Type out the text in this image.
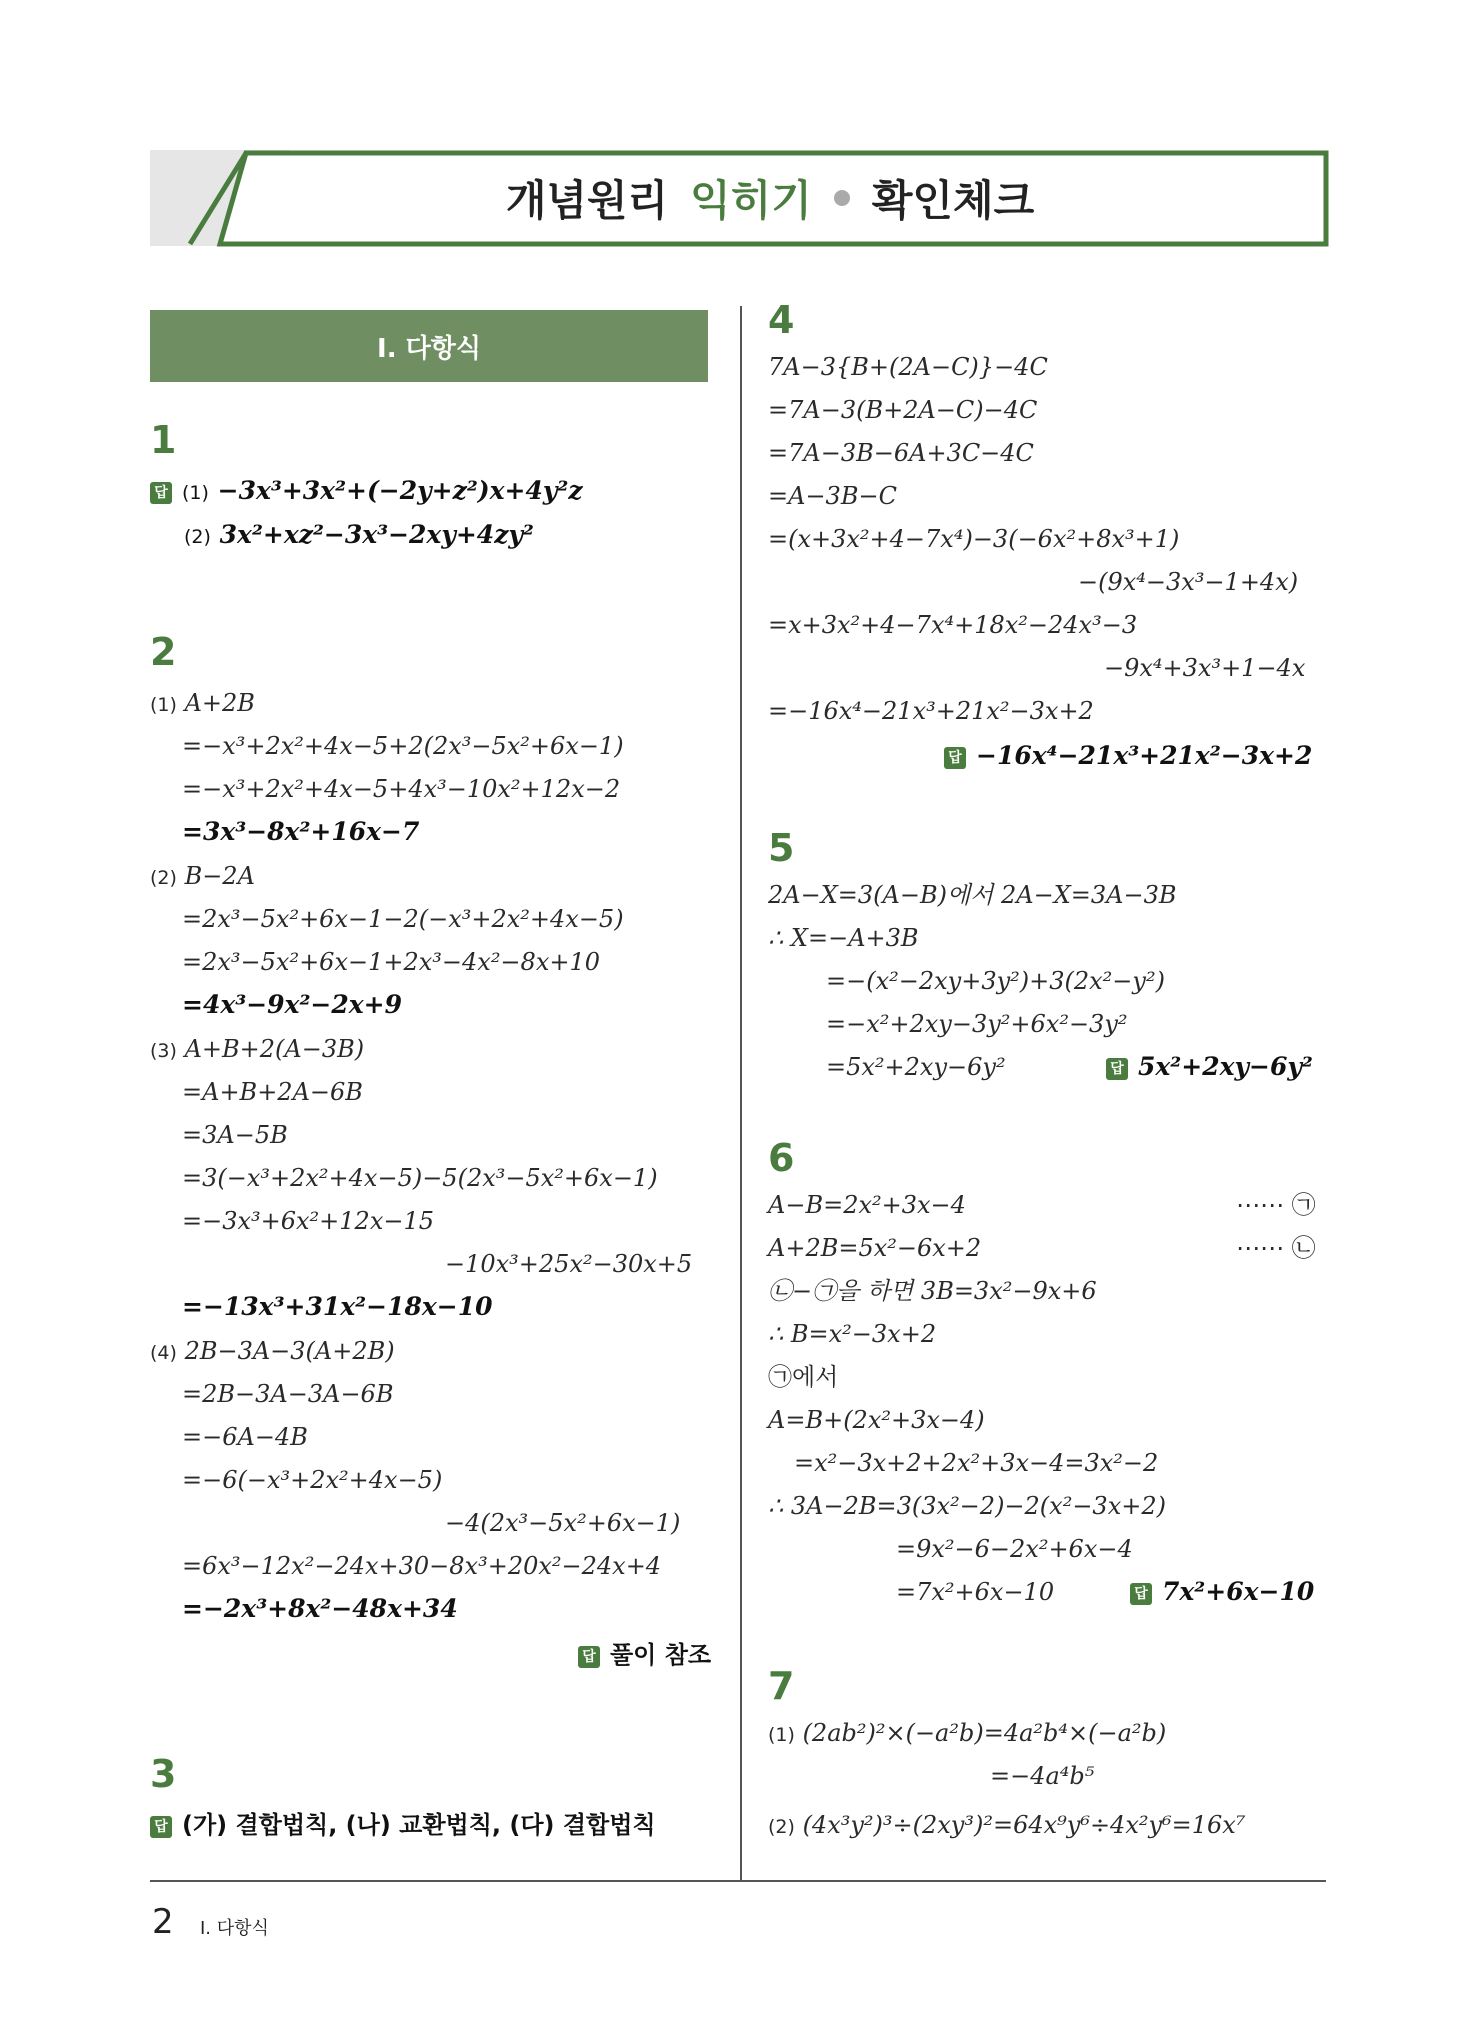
개념원리 익히기 확인체크
Ⅰ. 다항식
1
답 (1) −3x³+3x²+(−2y+z²)x+4y²z
(2) 3x²+xz²−3x³−2xy+4zy²
2
(1) A+2B
=−x³+2x²+4x−5+2(2x³−5x²+6x−1)
=−x³+2x²+4x−5+4x³−10x²+12x−2
=3x³−8x²+16x−7
(2) B−2A
=2x³−5x²+6x−1−2(−x³+2x²+4x−5)
=2x³−5x²+6x−1+2x³−4x²−8x+10
=4x³−9x²−2x+9
(3) A+B+2(A−3B)
=A+B+2A−6B
=3A−5B
=3(−x³+2x²+4x−5)−5(2x³−5x²+6x−1)
=−3x³+6x²+12x−15
−10x³+25x²−30x+5
=−13x³+31x²−18x−10
(4) 2B−3A−3(A+2B)
=2B−3A−3A−6B
=−6A−4B
=−6(−x³+2x²+4x−5)
−4(2x³−5x²+6x−1)
=6x³−12x²−24x+30−8x³+20x²−24x+4
=−2x³+8x²−48x+34
답 풀이 참조
3
답 (가) 결합법칙, (나) 교환법칙, (다) 결합법칙
4
7A−3{B+(2A−C)}−4C
=7A−3(B+2A−C)−4C
=7A−3B−6A+3C−4C
=A−3B−C
=(x+3x²+4−7x⁴)−3(−6x²+8x³+1)
−(9x⁴−3x³−1+4x)
=x+3x²+4−7x⁴+18x²−24x³−3
−9x⁴+3x³+1−4x
=−16x⁴−21x³+21x²−3x+2
답 −16x⁴−21x³+21x²−3x+2
5
2A−X=3(A−B)에서 2A−X=3A−3B
∴ X=−A+3B
=−(x²−2xy+3y²)+3(2x²−y²)
=−x²+2xy−3y²+6x²−3y²
=5x²+2xy−6y²	답 5x²+2xy−6y²
6
A−B=2x²+3x−4	⋯⋯ ㉠
A+2B=5x²−6x+2	⋯⋯ ㉡
㉡−㉠을 하면 3B=3x²−9x+6
∴ B=x²−3x+2
㉠에서
A=B+(2x²+3x−4)
=x²−3x+2+2x²+3x−4=3x²−2
∴ 3A−2B=3(3x²−2)−2(x²−3x+2)
=9x²−6−2x²+6x−4
=7x²+6x−10	답 7x²+6x−10
7
(1) (2ab²)²×(−a²b)=4a²b⁴×(−a²b)
=−4a⁴b⁵
(2) (4x³y²)³÷(2xy³)²=64x⁹y⁶÷4x²y⁶=16x⁷
2 Ⅰ. 다항식
